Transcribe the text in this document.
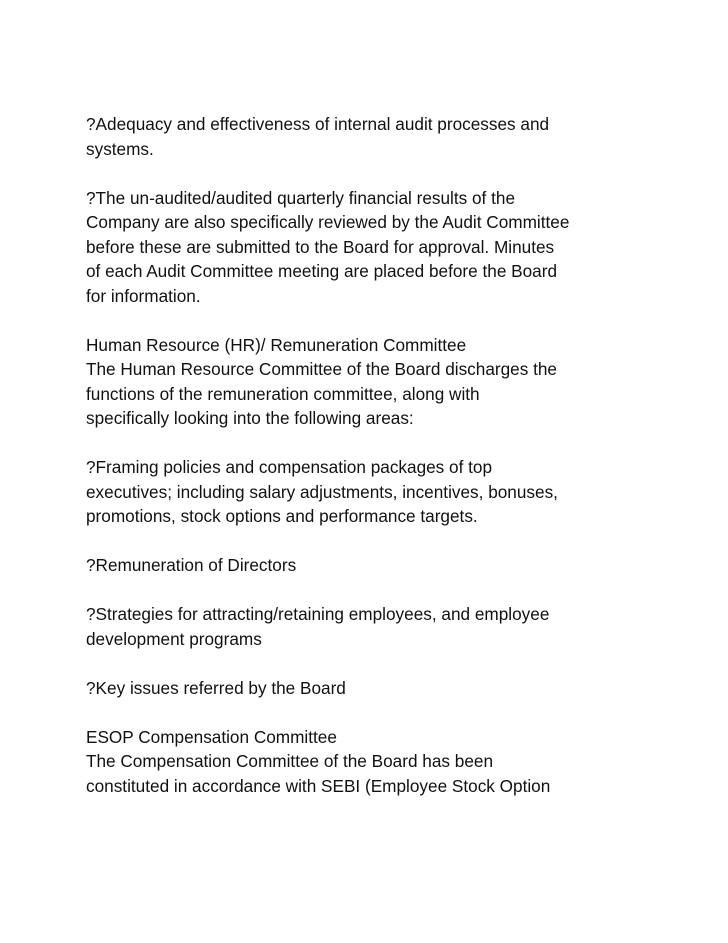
?Adequacy and effectiveness of internal audit processes and
systems.

?The un-audited/audited quarterly financial results of the
Company are also specifically reviewed by the Audit Committee
before these are submitted to the Board for approval. Minutes
of each Audit Committee meeting are placed before the Board
for information.

Human Resource (HR)/ Remuneration Committee
The Human Resource Committee of the Board discharges the
functions of the remuneration committee, along with
specifically looking into the following areas:

?Framing policies and compensation packages of top
executives; including salary adjustments, incentives, bonuses,
promotions, stock options and performance targets.

?Remuneration of Directors

?Strategies for attracting/retaining employees, and employee
development programs

?Key issues referred by the Board

ESOP Compensation Committee
The Compensation Committee of the Board has been
constituted in accordance with SEBI (Employee Stock Option
